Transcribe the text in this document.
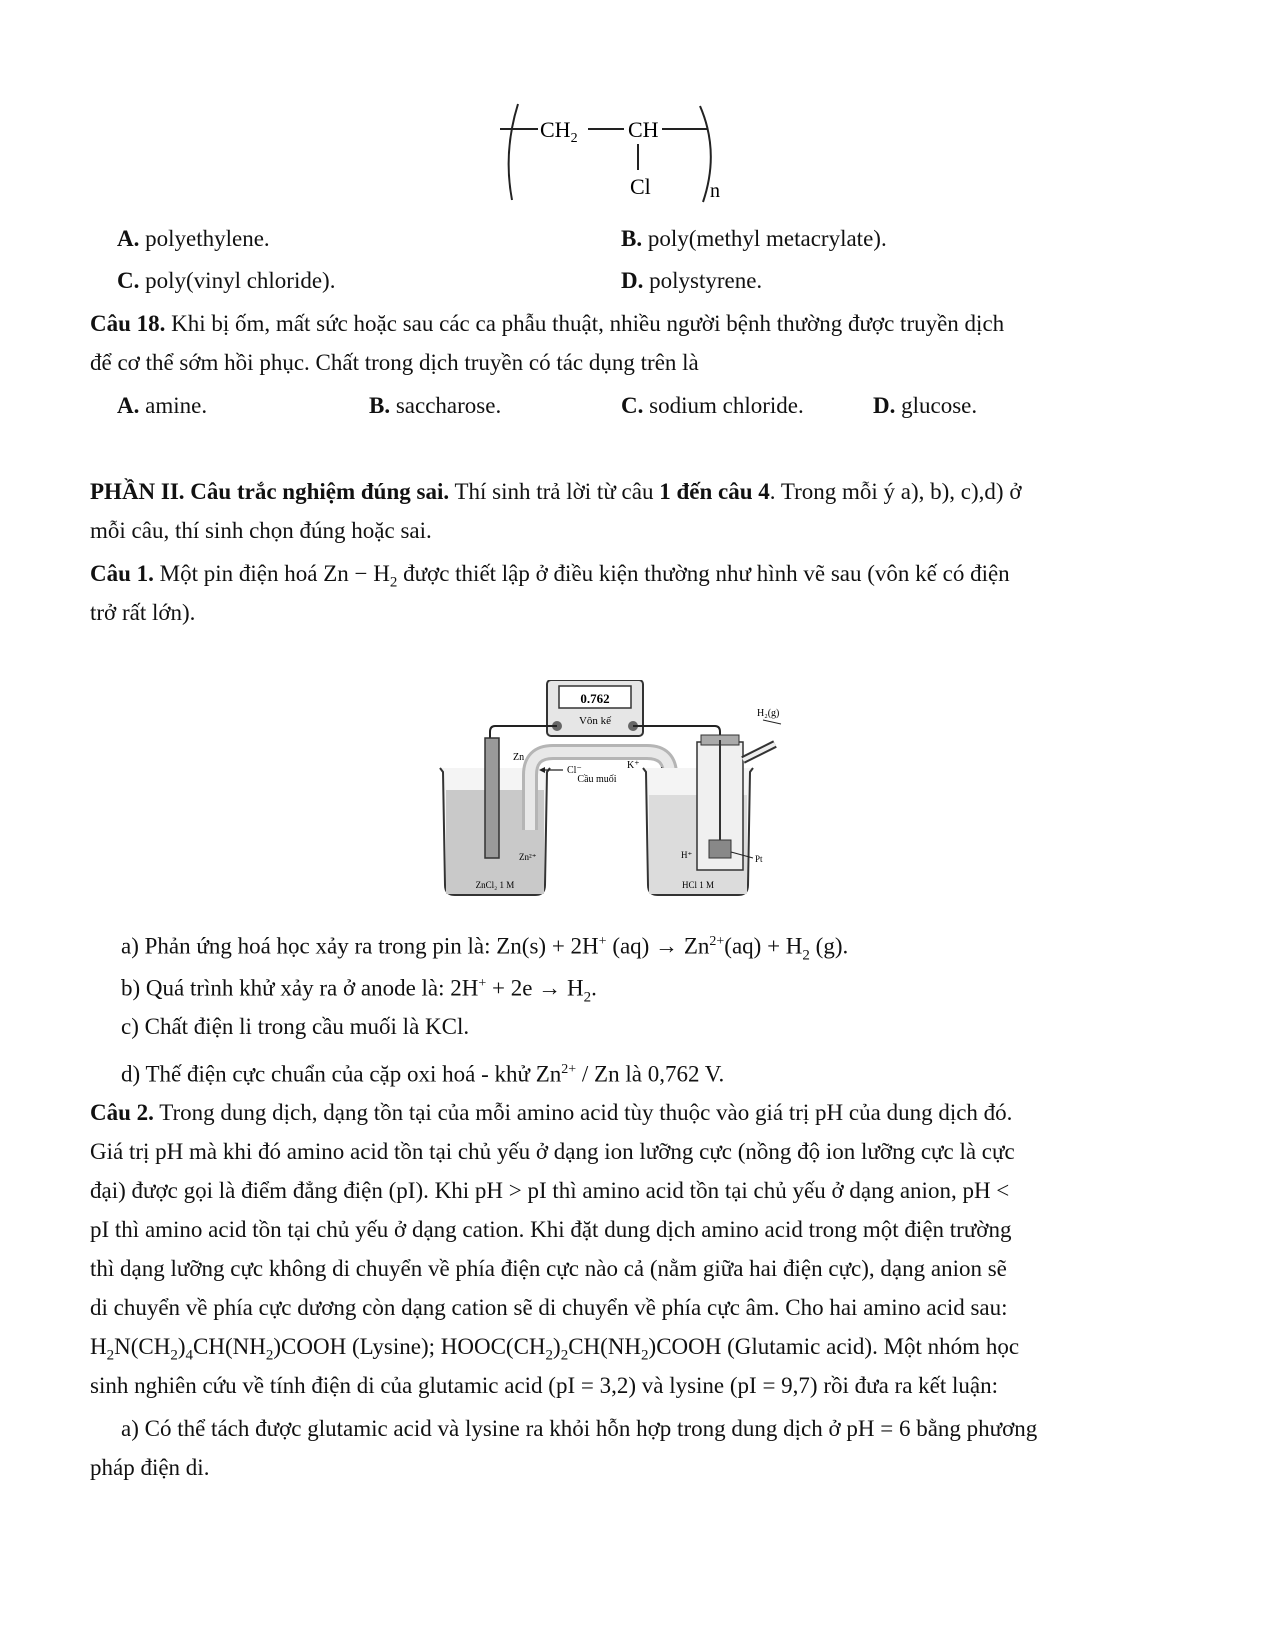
$CH_2$ CH
Cl	n
A. polyethylene.	B. poly(methyl metacrylate).
C. poly(vinyl chloride).	D. polystyrene.
Câu 18. Khi bị ốm, mất sức hoặc sau các ca phẫu thuật, nhiều người bệnh thường được truyền dịch
để cơ thể sớm hồi phục. Chất trong dịch truyền có tác dụng trên là
A. amine.	B. saccharose.	C. sodium chloride.	D. glucose.
PHẦN II. Câu trắc nghiệm đúng sai. Thí sinh trả lời từ câu 1 đến câu 4. Trong mỗi ý a), b), c),d) ở
mỗi câu, thí sinh chọn đúng hoặc sai.
Câu 1. Một pin điện hoá $Zn - H_2$ được thiết lập ở điều kiện thường như hình vẽ sau (vôn kế có điện
trở rất lớn).
0.762
Vôn kế
Zn
Zn²⁺
ZnCl₂ 1 M
Cl⁻	K⁺
Cầu muối
H₂(g)
H⁺	Pt
HCl 1 M
a) Phản ứng hoá học xảy ra trong pin là: Zn(s) + 2H+ $(aq) \to Zn^{2+}(aq) + H_2$ (g).
b) Quá trình khử xảy ra ở anode là: $2H^+ + 2e \to H_2$.
c) Chất điện li trong cầu muối là KCl.
d) Thế điện cực chuẩn của cặp oxi hoá - khử $Zn^{2+}$ / Zn là 0,762 V.
Câu 2. Trong dung dịch, dạng tồn tại của mỗi amino acid tùy thuộc vào giá trị pH của dung dịch đó.
Giá trị pH mà khi đó amino acid tồn tại chủ yếu ở dạng ion lưỡng cực (nồng độ ion lưỡng cực là cực
đại) được gọi là điểm đẳng điện (pI). Khi pH > pI thì amino acid tồn tại chủ yếu ở dạng anion, pH <
pI thì amino acid tồn tại chủ yếu ở dạng cation. Khi đặt dung dịch amino acid trong một điện trường
thì dạng lưỡng cực không di chuyển về phía điện cực nào cả (nằm giữa hai điện cực), dạng anion sẽ
di chuyển về phía cực dương còn dạng cation sẽ di chuyển về phía cực âm. Cho hai amino acid sau:
$H_2N(CH_2)_4CH(NH_2)COOH$ (Lysine); $HOOC(CH_2)_2CH(NH_2)COOH$ (Glutamic acid). Một nhóm học
sinh nghiên cứu về tính điện di của glutamic acid (pI = 3,2) và lysine (pI = 9,7) rồi đưa ra kết luận:
a) Có thể tách được glutamic acid và lysine ra khỏi hỗn hợp trong dung dịch ở pH = 6 bằng phương
pháp điện di.
